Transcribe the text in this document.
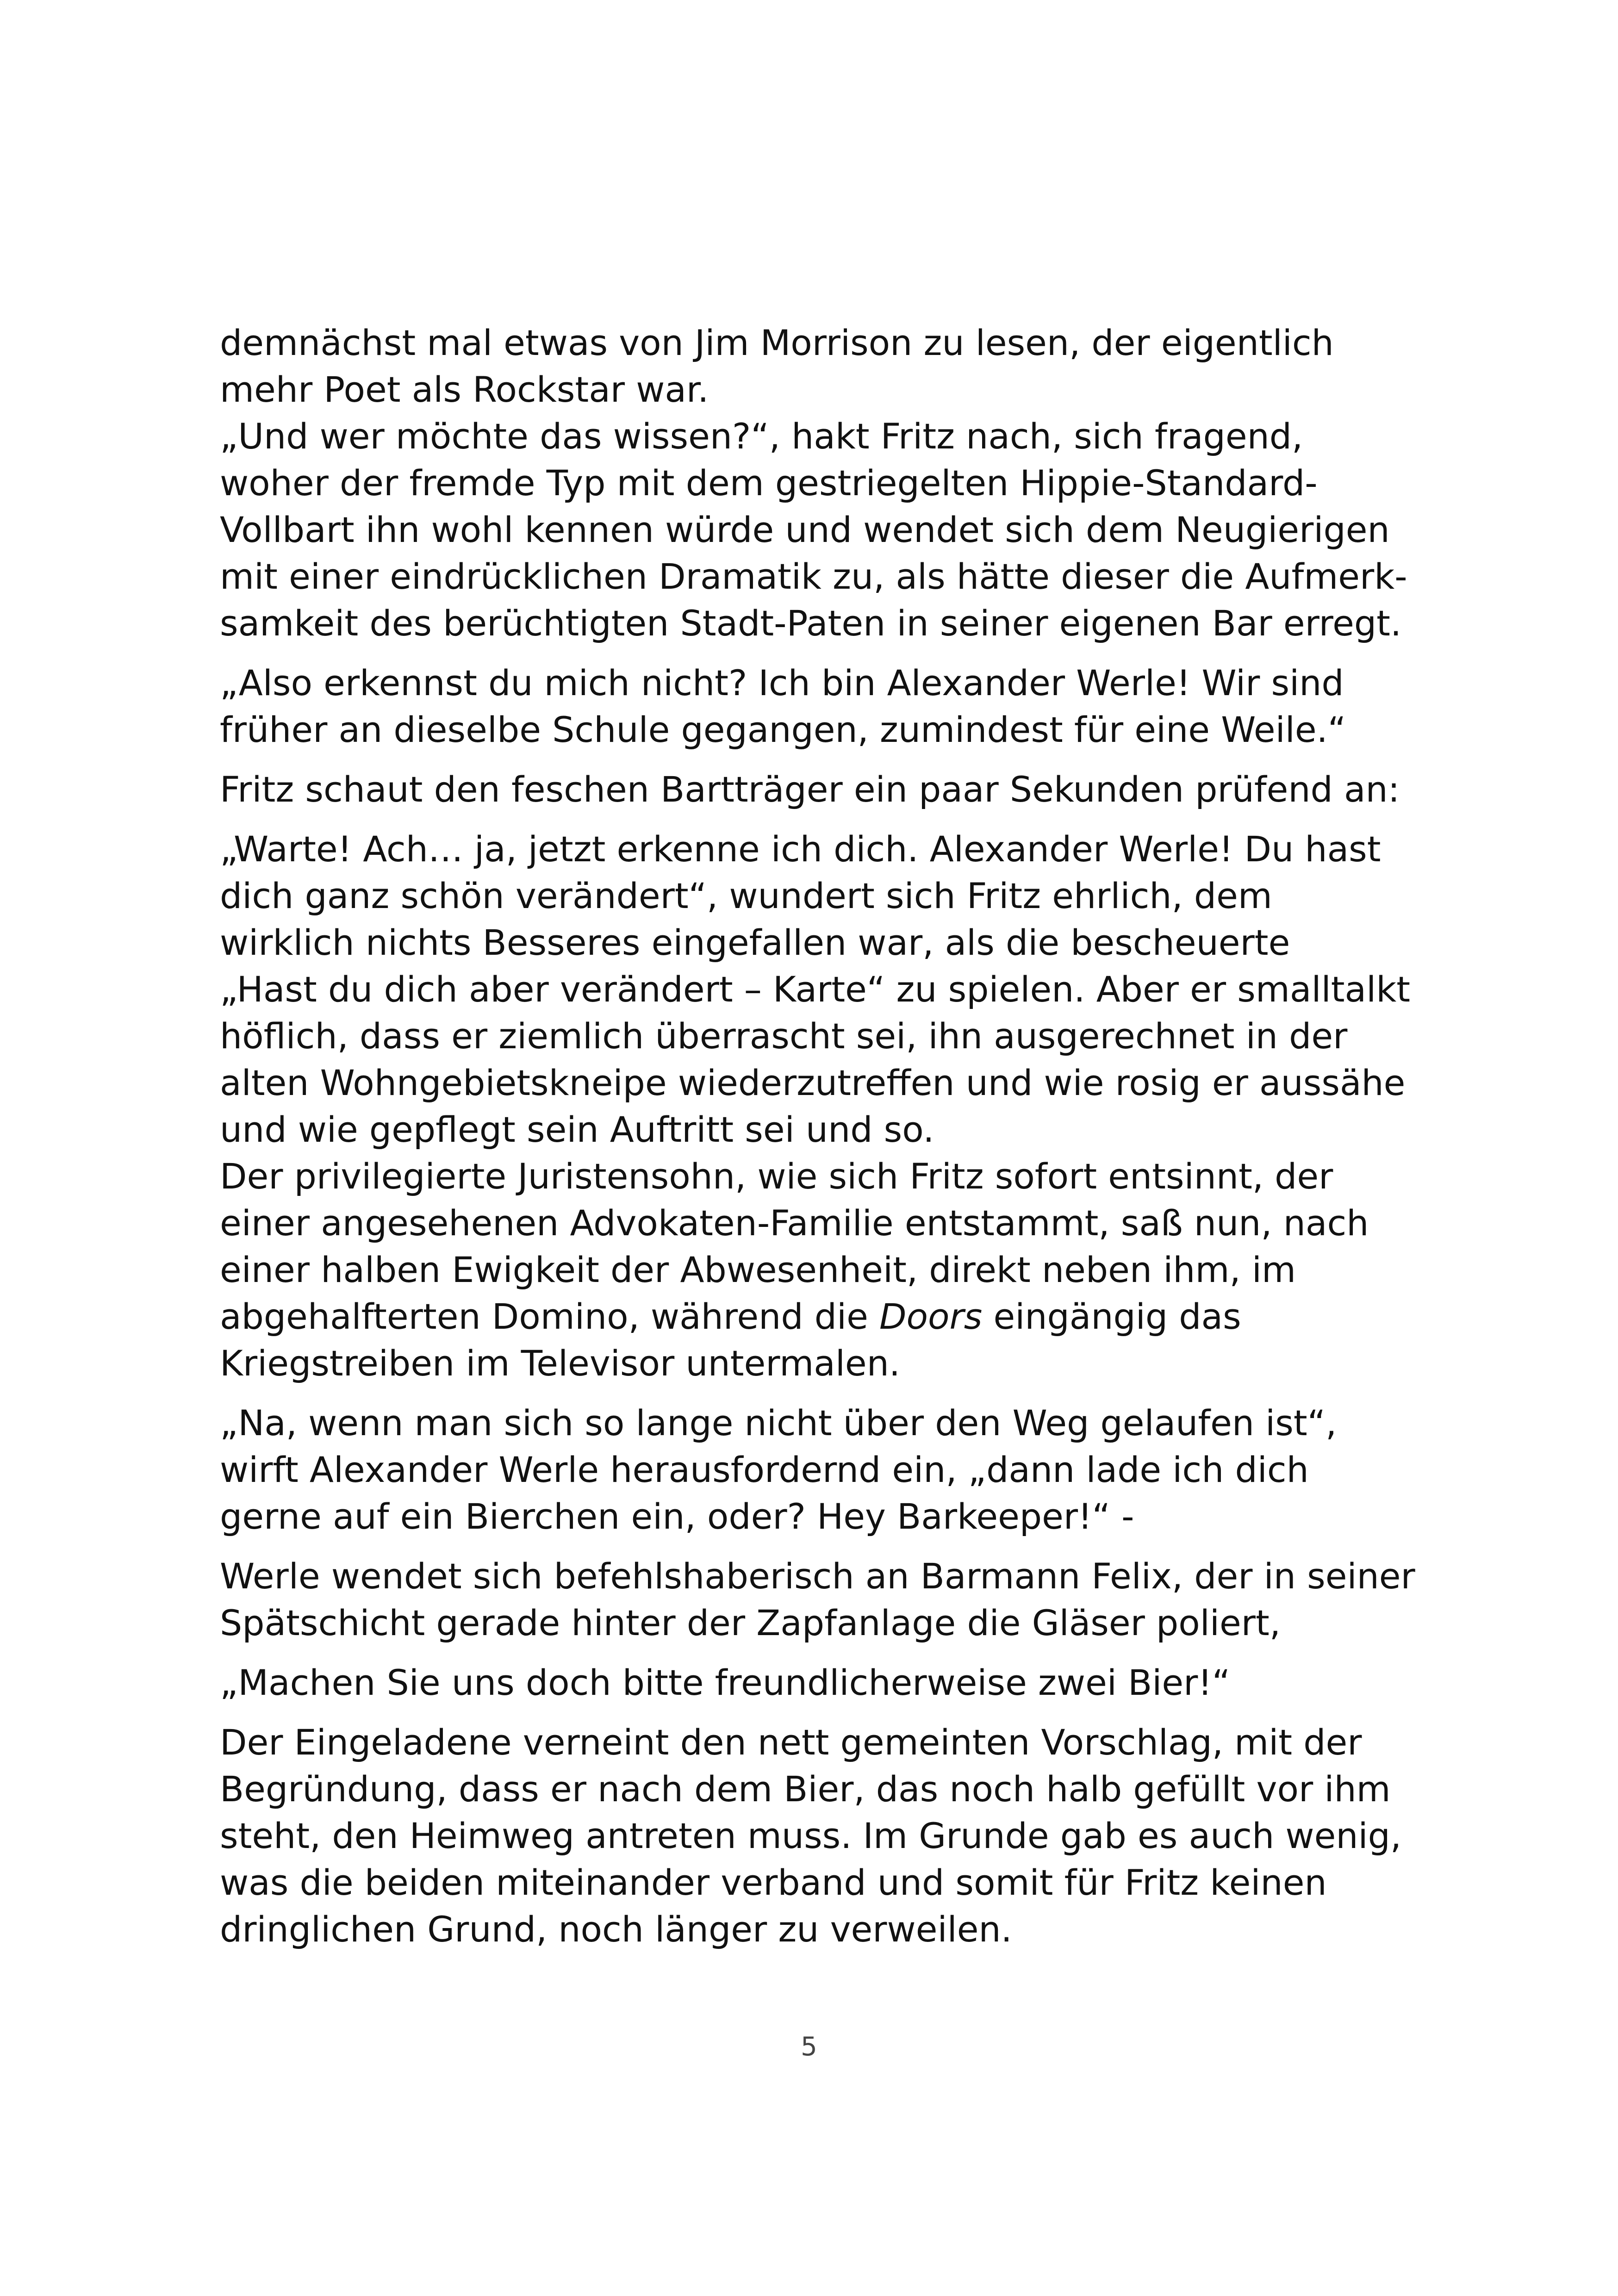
demnächst mal etwas von Jim Morrison zu lesen, der eigentlich
mehr Poet als Rockstar war.
„Und wer möchte das wissen?“, hakt Fritz nach, sich fragend,
woher der fremde Typ mit dem gestriegelten Hippie-Standard-
Vollbart ihn wohl kennen würde und wendet sich dem Neugierigen
mit einer eindrücklichen Dramatik zu, als hätte dieser die Aufmerk-
samkeit des berüchtigten Stadt-Paten in seiner eigenen Bar erregt.
„Also erkennst du mich nicht? Ich bin Alexander Werle! Wir sind
früher an dieselbe Schule gegangen, zumindest für eine Weile.“
Fritz schaut den feschen Bartträger ein paar Sekunden prüfend an:
„Warte! Ach… ja, jetzt erkenne ich dich. Alexander Werle! Du hast
dich ganz schön verändert“, wundert sich Fritz ehrlich, dem
wirklich nichts Besseres eingefallen war, als die bescheuerte
„Hast du dich aber verändert – Karte“ zu spielen. Aber er smalltalkt
höflich, dass er ziemlich überrascht sei, ihn ausgerechnet in der
alten Wohngebietskneipe wiederzutreffen und wie rosig er aussähe
und wie gepflegt sein Auftritt sei und so.
Der privilegierte Juristensohn, wie sich Fritz sofort entsinnt, der
einer angesehenen Advokaten-Familie entstammt, saß nun, nach
einer halben Ewigkeit der Abwesenheit, direkt neben ihm, im
abgehalfterten Domino, während die Doors eingängig das
Kriegstreiben im Televisor untermalen.
„Na, wenn man sich so lange nicht über den Weg gelaufen ist“,
wirft Alexander Werle herausfordernd ein, „dann lade ich dich
gerne auf ein Bierchen ein, oder? Hey Barkeeper!“ -
Werle wendet sich befehlshaberisch an Barmann Felix, der in seiner
Spätschicht gerade hinter der Zapfanlage die Gläser poliert,
„Machen Sie uns doch bitte freundlicherweise zwei Bier!“
Der Eingeladene verneint den nett gemeinten Vorschlag, mit der
Begründung, dass er nach dem Bier, das noch halb gefüllt vor ihm
steht, den Heimweg antreten muss. Im Grunde gab es auch wenig,
was die beiden miteinander verband und somit für Fritz keinen
dringlichen Grund, noch länger zu verweilen.
5
